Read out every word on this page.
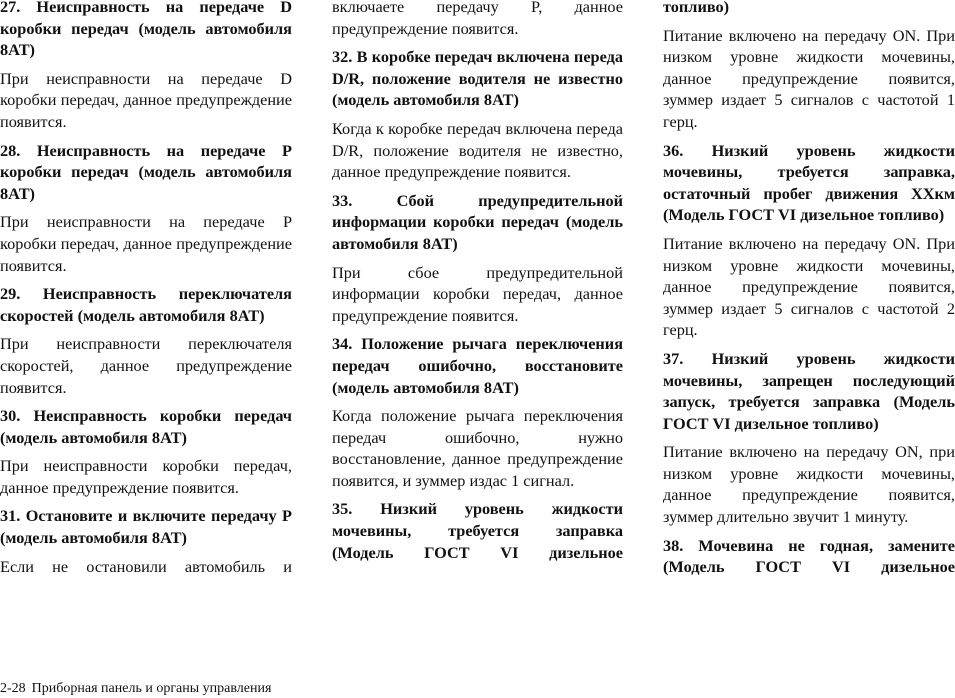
27. Неисправность на передаче D коробки передач (модель автомобиля 8AT)
При неисправности на передаче D коробки передач, данное предупреждение появится.
28. Неисправность на передаче P коробки передач (модель автомобиля 8AT)
При неисправности на передаче P коробки передач, данное предупреждение появится.
29. Неисправность переключателя скоростей (модель автомобиля 8AT)
При неисправности переключателя скоростей, данное предупреждение появится.
30. Неисправность коробки передач (модель автомобиля 8AT)
При неисправности коробки передач, данное предупреждение появится.
31. Остановите и включите передачу P (модель автомобиля 8AT)
Если не остановили автомобиль и
включаете передачу P, данное предупреждение появится.
32. В коробке передач включена переда D/R, положение водителя не известно (модель автомобиля 8AT)
Когда к коробке передач включена переда D/R, положение водителя не известно, данное предупреждение появится.
33. Сбой предупредительной информации коробки передач (модель автомобиля 8AT)
При сбое предупредительной информации коробки передач, данное предупреждение появится.
34. Положение рычага переключения передач ошибочно, восстановите (модель автомобиля 8AT)
Когда положение рычага переключения передач ошибочно, нужно восстановление, данное предупреждение появится, и зуммер издас 1 сигнал.
35. Низкий уровень жидкости мочевины, требуется заправка (Модель ГОСТ VI дизельное
топливо)
Питание включено на передачу ON. При низком уровне жидкости мочевины, данное предупреждение появится, зуммер издает 5 сигналов с частотой 1 герц.
36. Низкий уровень жидкости мочевины, требуется заправка, остаточный пробег движения XXкм (Модель ГОСТ VI дизельное топливо)
Питание включено на передачу ON. При низком уровне жидкости мочевины, данное предупреждение появится, зуммер издает 5 сигналов с частотой 2 герц.
37. Низкий уровень жидкости мочевины, запрещен последующий запуск, требуется заправка (Модель ГОСТ VI дизельное топливо)
Питание включено на передачу ON, при низком уровне жидкости мочевины, данное предупреждение появится, зуммер длительно звучит 1 минуту.
38. Мочевина не годная, замените (Модель ГОСТ VI дизельное
2-28 Приборная панель и органы управления
